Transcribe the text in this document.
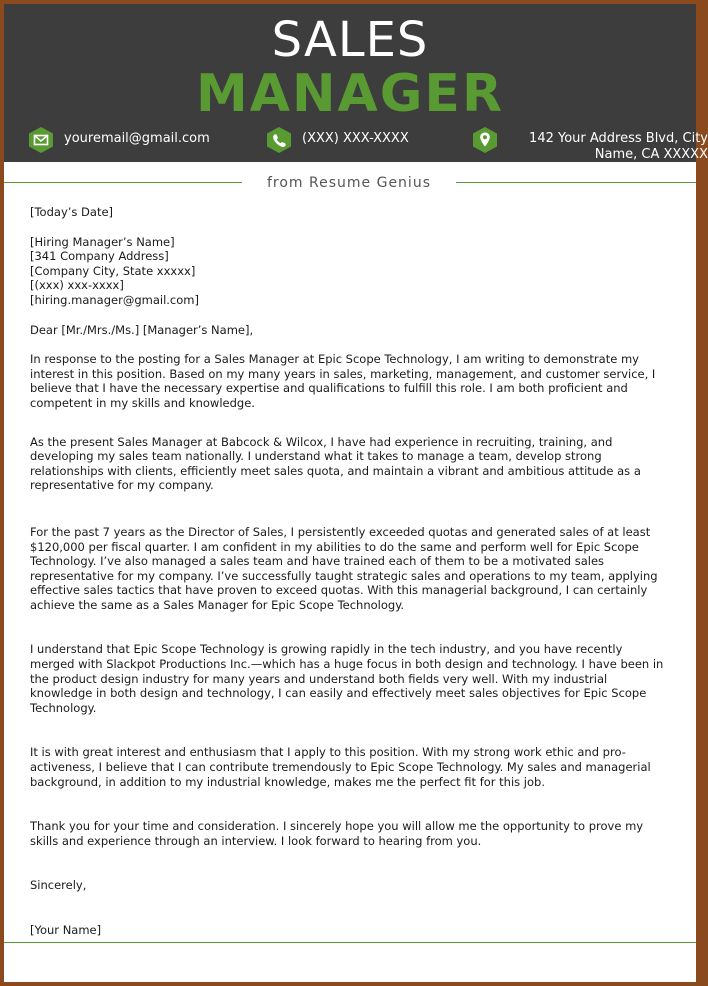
SALES
MANAGER
youremail@gmail.com	(XXX) XXX-XXXX	142 Your Address Blvd, City
Name, CA XXXXX
from Resume Genius

[Today’s Date]

[Hiring Manager’s Name]

[341 Company Address]

[Company City, State xxxxx]

[(xxx) xxx-xxxx]

[hiring.manager@gmail.com]

Dear [Mr./Mrs./Ms.] [Manager’s Name],

In response to the posting for a Sales Manager at Epic Scope Technology, I am writing to demonstrate my interest in this position. Based on my many years in sales, marketing, management, and customer service, I believe that I have the necessary expertise and qualifications to fulfill this role. I am both proficient and competent in my skills and knowledge.

As the present Sales Manager at Babcock & Wilcox, I have had experience in recruiting, training, and developing my sales team nationally. I understand what it takes to manage a team, develop strong relationships with clients, efficiently meet sales quota, and maintain a vibrant and ambitious attitude as a representative for my company.

For the past 7 years as the Director of Sales, I persistently exceeded quotas and generated sales of at least $120,000 per fiscal quarter. I am confident in my abilities to do the same and perform well for Epic Scope Technology. I’ve also managed a sales team and have trained each of them to be a motivated sales representative for my company. I’ve successfully taught strategic sales and operations to my team, applying effective sales tactics that have proven to exceed quotas. With this managerial background, I can certainly achieve the same as a Sales Manager for Epic Scope Technology.

I understand that Epic Scope Technology is growing rapidly in the tech industry, and you have recently merged with Slackpot Productions Inc.—which has a huge focus in both design and technology. I have been in the product design industry for many years and understand both fields very well. With my industrial knowledge in both design and technology, I can easily and effectively meet sales objectives for Epic Scope Technology.

It is with great interest and enthusiasm that I apply to this position. With my strong work ethic and pro-activeness, I believe that I can contribute tremendously to Epic Scope Technology. My sales and managerial background, in addition to my industrial knowledge, makes me the perfect fit for this job.

Thank you for your time and consideration. I sincerely hope you will allow me the opportunity to prove my skills and experience through an interview. I look forward to hearing from you.

Sincerely,

[Your Name]
